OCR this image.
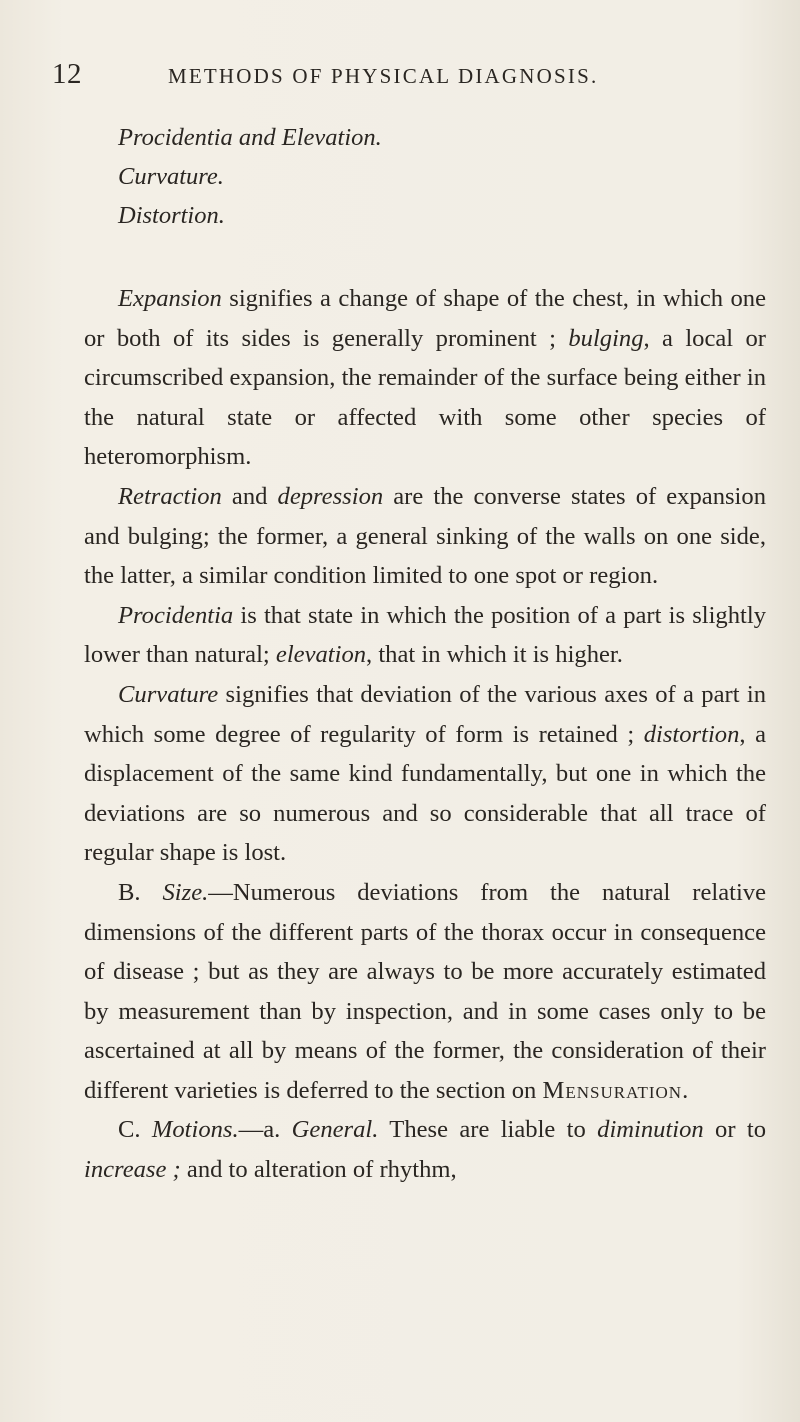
12	METHODS OF PHYSICAL DIAGNOSIS.
Procidentia and Elevation.
Curvature.
Distortion.

Expansion signifies a change of shape of the chest, in which one or both of its sides is generally prominent ; bulging, a local or circumscribed expansion, the remainder of the surface being either in the natural state or affected with some other species of heteromorphism.

Retraction and depression are the converse states of expansion and bulging; the former, a general sinking of the walls on one side, the latter, a similar condition limited to one spot or region.

Procidentia is that state in which the position of a part is slightly lower than natural; elevation, that in which it is higher.

Curvature signifies that deviation of the various axes of a part in which some degree of regularity of form is retained ; distortion, a displacement of the same kind fundamentally, but one in which the deviations are so numerous and so considerable that all trace of regular shape is lost.

B. Size.—Numerous deviations from the natural relative dimensions of the different parts of the thorax occur in consequence of disease ; but as they are always to be more accurately estimated by measurement than by inspection, and in some cases only to be ascertained at all by means of the former, the consideration of their different varieties is deferred to the section on Mensuration.

C. Motions.—a. General. These are liable to diminution or to increase ; and to alteration of rhythm,
